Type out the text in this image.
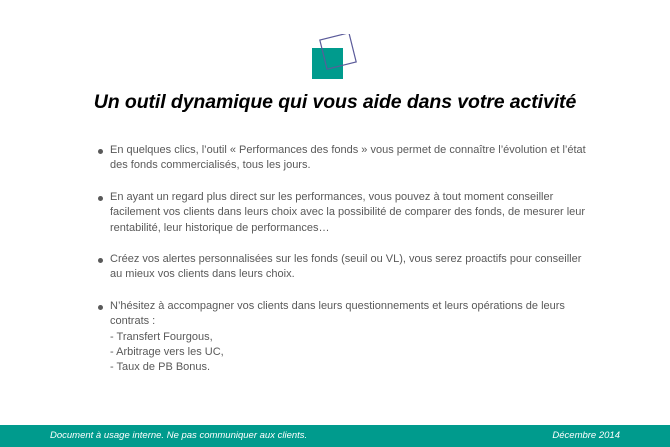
Un outil dynamique qui vous aide dans votre activité
En quelques clics, l’outil « Performances des fonds » vous permet de connaître l’évolution et l’état
des fonds commercialisés, tous les jours.
En ayant un regard plus direct sur les performances, vous pouvez à tout moment conseiller
facilement vos clients dans leurs choix avec la possibilité de comparer des fonds, de mesurer leur
rentabilité, leur historique de performances…
Créez vos alertes personnalisées sur les fonds (seuil ou VL), vous serez proactifs pour conseiller
au mieux vos clients dans leurs choix.
N’hésitez à accompagner vos clients dans leurs questionnements et leurs opérations de leurs
contrats :
- Transfert Fourgous,
- Arbitrage vers les UC,
- Taux de PB Bonus.
Document à usage interne. Ne pas communiquer aux clients.	Décembre 2014
